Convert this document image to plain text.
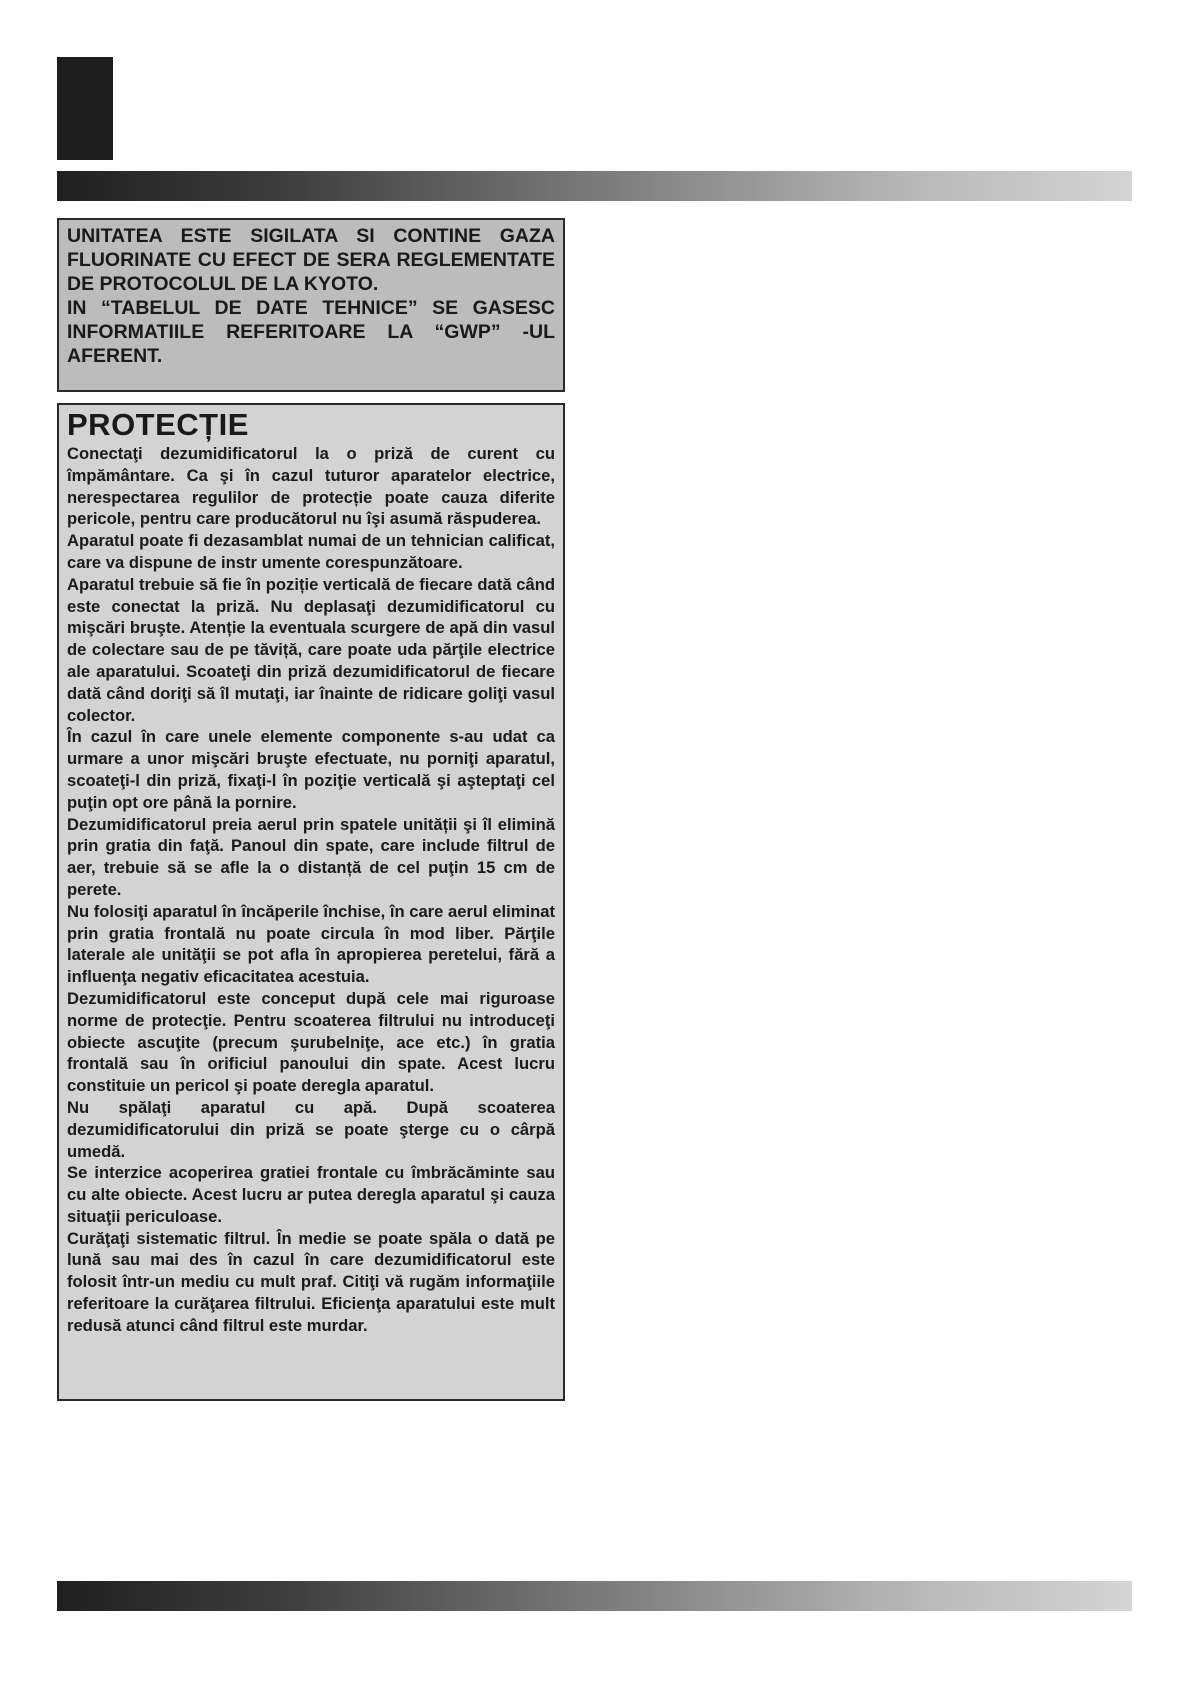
UNITATEA ESTE SIGILATA SI CONTINE GAZA FLUORINATE CU EFECT DE SERA REGLEMENTATE DE PROTOCOLUL DE LA KYOTO.

IN “TABELUL DE DATE TEHNICE” SE GASESC INFORMATIILE REFERITOARE LA “GWP” -UL AFERENT.

PROTECȚIE

Conectaţi dezumidificatorul la o priză de curent cu împământare. Ca şi în cazul tuturor aparatelor electrice, nerespectarea regulilor de protecție poate cauza diferite pericole, pentru care producătorul nu îşi asumă răspuderea.

Aparatul poate fi dezasamblat numai de un tehnician calificat, care va dispune de instr umente corespunzătoare.

Aparatul trebuie să fie în poziție verticală de fiecare dată când este conectat la priză. Nu deplasaţi dezumidificatorul cu mişcări bruşte. Atenție la eventuala scurgere de apă din vasul de colectare sau de pe tăviță, care poate uda părţile electrice ale aparatului. Scoateţi din priză dezumidificatorul de fiecare dată când doriţi să îl mutaţi, iar înainte de ridicare goliţi vasul colector.

În cazul în care unele elemente componente s-au udat ca urmare a unor mişcări bruşte efectuate, nu porniţi aparatul, scoateţi-l din priză, fixaţi-l în poziţie verticală şi aşteptaţi cel puţin opt ore până la pornire.

Dezumidificatorul preia aerul prin spatele unității şi îl elimină prin gratia din faţă. Panoul din spate, care include filtrul de aer, trebuie să se afle la o distanță de cel puţin 15 cm de perete.

Nu folosiţi aparatul în încăperile închise, în care aerul eliminat prin gratia frontală nu poate circula în mod liber. Părţile laterale ale unităţii se pot afla în apropierea peretelui, fără a influenţa negativ eficacitatea acestuia.

Dezumidificatorul este conceput după cele mai riguroase norme de protecţie. Pentru scoaterea filtrului nu introduceţi obiecte ascuţite (precum şurubelniţe, ace etc.) în gratia frontală sau în orificiul panoului din spate. Acest lucru constituie un pericol şi poate deregla aparatul.

Nu spălaţi aparatul cu apă. După scoaterea dezumidificatorului din priză se poate şterge cu o cârpă umedă.

Se interzice acoperirea gratiei frontale cu îmbrăcăminte sau cu alte obiecte. Acest lucru ar putea deregla aparatul şi cauza situaţii periculoase.

Curăţaţi sistematic filtrul. În medie se poate spăla o dată pe lună sau mai des în cazul în care dezumidificatorul este folosit într-un mediu cu mult praf. Citiţi vă rugăm informaţiile referitoare la curăţarea filtrului. Eficienţa aparatului este mult redusă atunci când filtrul este murdar.
